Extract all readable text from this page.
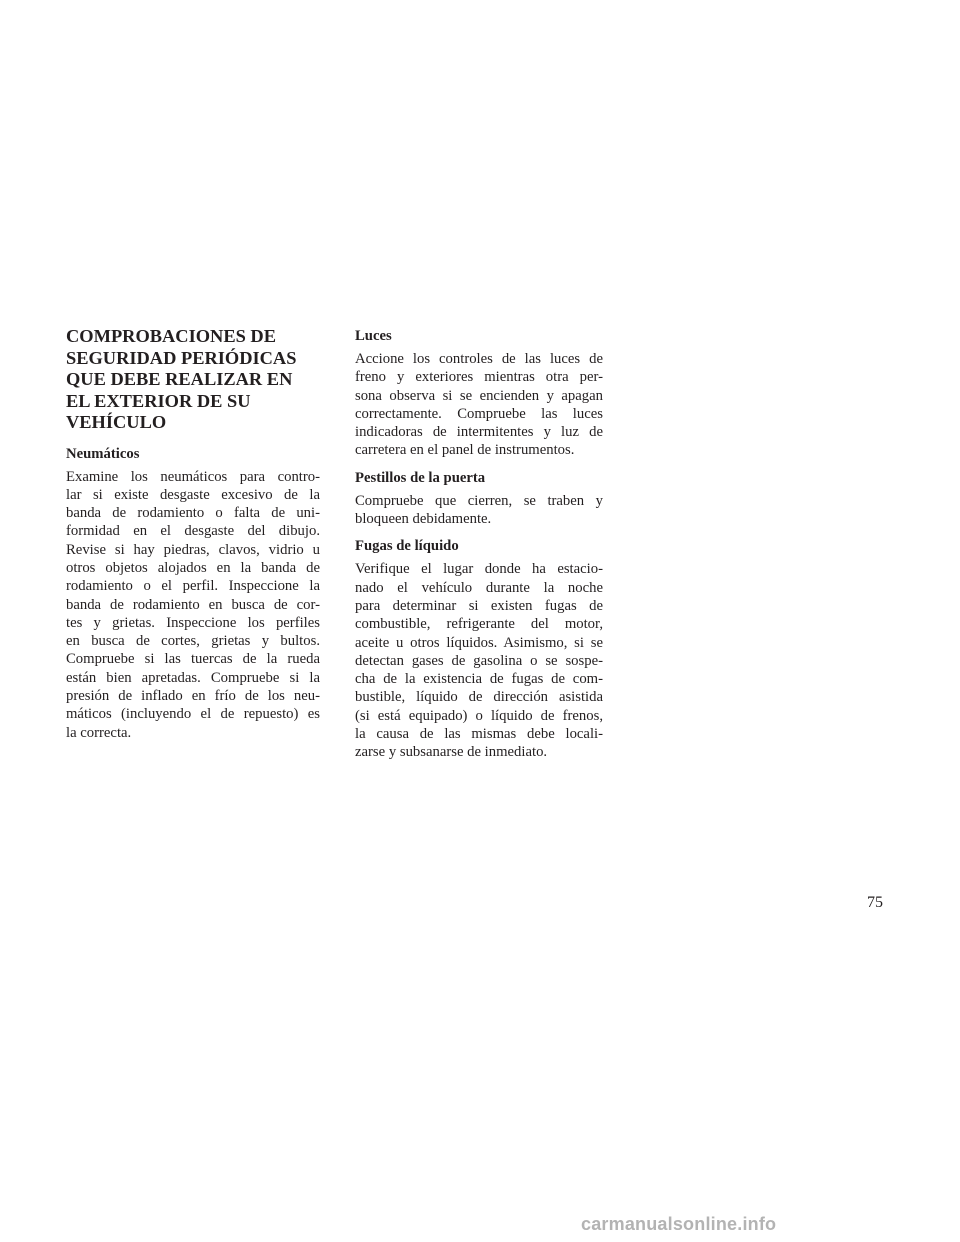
COMPROBACIONES DE
SEGURIDAD PERIÓDICAS
QUE DEBE REALIZAR EN
EL EXTERIOR DE SU
VEHÍCULO
Neumáticos

Examine los neumáticos para contro-
lar si existe desgaste excesivo de la
banda de rodamiento o falta de uni-
formidad en el desgaste del dibujo.
Revise si hay piedras, clavos, vidrio u
otros objetos alojados en la banda de
rodamiento o el perfil. Inspeccione la
banda de rodamiento en busca de cor-
tes y grietas. Inspeccione los perfiles
en busca de cortes, grietas y bultos.
Compruebe si las tuercas de la rueda
están bien apretadas. Compruebe si la
presión de inflado en frío de los neu-
máticos (incluyendo el de repuesto) es
la correcta.

Luces

Accione los controles de las luces de
freno y exteriores mientras otra per-
sona observa si se encienden y apagan
correctamente. Compruebe las luces
indicadoras de intermitentes y luz de
carretera en el panel de instrumentos.

Pestillos de la puerta

Compruebe que cierren, se traben y
bloqueen debidamente.

Fugas de líquido

Verifique el lugar donde ha estacio-
nado el vehículo durante la noche
para determinar si existen fugas de
combustible, refrigerante del motor,
aceite u otros líquidos. Asimismo, si se
detectan gases de gasolina o se sospe-
cha de la existencia de fugas de com-
bustible, líquido de dirección asistida
(si está equipado) o líquido de frenos,
la causa de las mismas debe locali-
zarse y subsanarse de inmediato.

75
carmanualsonline.info
